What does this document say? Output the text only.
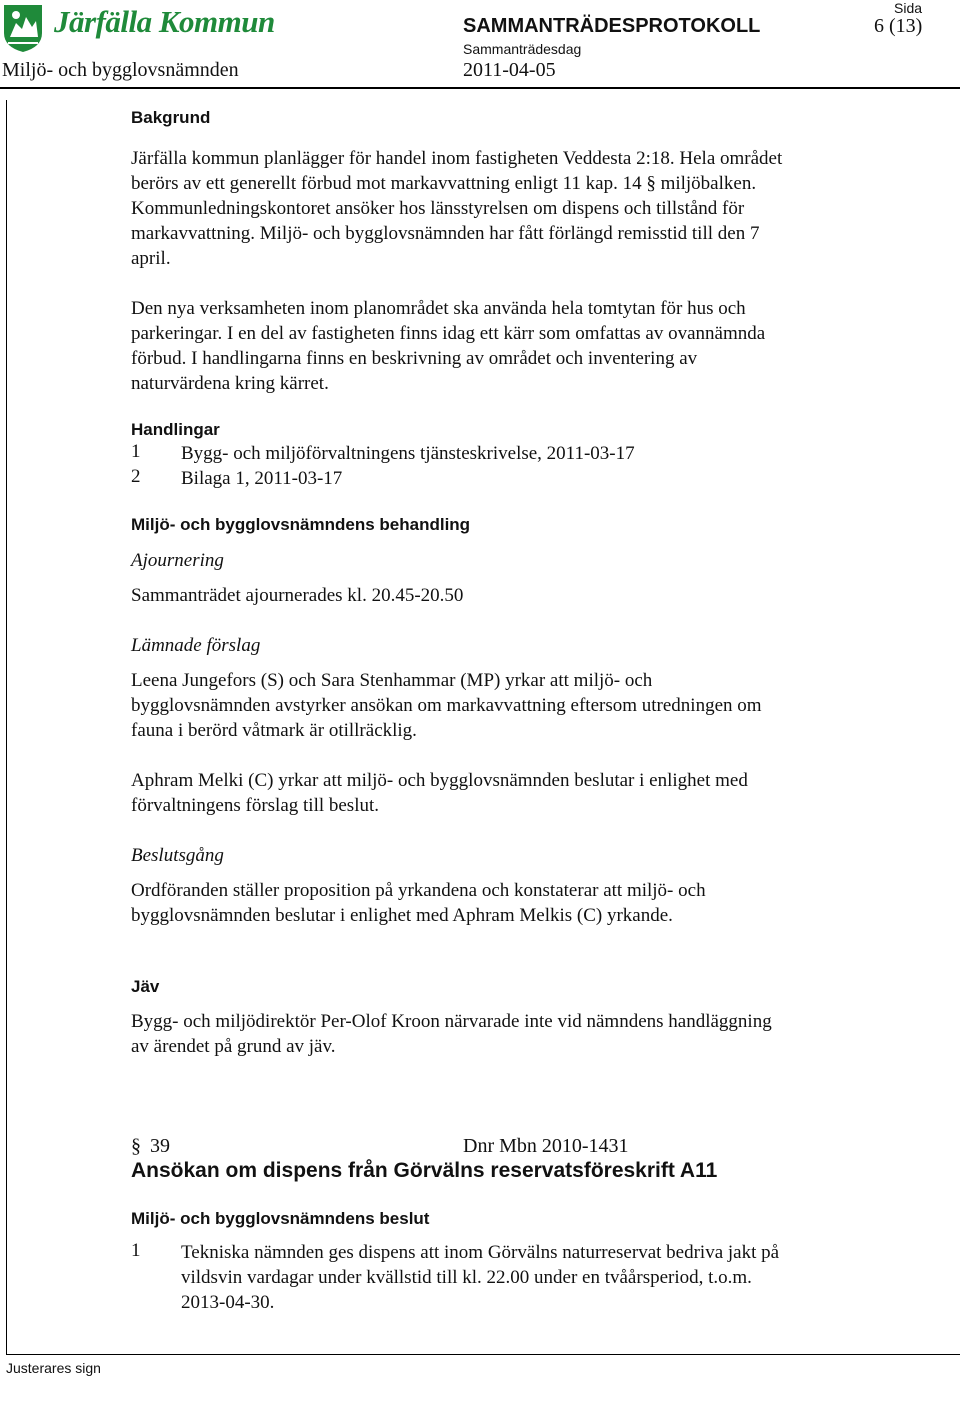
Järfälla Kommun	SAMMANTRÄDESPROTOKOLL
Sida
6 (13)
Sammanträdesdag
Miljö- och bygglovsnämnden	2011-04-05
Bakgrund
Järfälla kommun planlägger för handel inom fastigheten Veddesta 2:18. Hela området
berörs av ett generellt förbud mot markavvattning enligt 11 kap. 14 § miljöbalken.
Kommunledningskontoret ansöker hos länsstyrelsen om dispens och tillstånd för
markavvattning. Miljö- och bygglovsnämnden har fått förlängd remisstid till den 7
april.
Den nya verksamheten inom planområdet ska använda hela tomtytan för hus och
parkeringar. I en del av fastigheten finns idag ett kärr som omfattas av ovannämnda
förbud. I handlingarna finns en beskrivning av området och inventering av
naturvärdena kring kärret.
Handlingar
1 Bygg- och miljöförvaltningens tjänsteskrivelse, 2011-03-17
2 Bilaga 1, 2011-03-17
Miljö- och bygglovsnämndens behandling
Ajournering
Sammanträdet ajournerades kl. 20.45-20.50
Lämnade förslag
Leena Jungefors (S) och Sara Stenhammar (MP) yrkar att miljö- och
bygglovsnämnden avstyrker ansökan om markavvattning eftersom utredningen om
fauna i berörd våtmark är otillräcklig.
Aphram Melki (C) yrkar att miljö- och bygglovsnämnden beslutar i enlighet med
förvaltningens förslag till beslut.
Beslutsgång
Ordföranden ställer proposition på yrkandena och konstaterar att miljö- och
bygglovsnämnden beslutar i enlighet med Aphram Melkis (C) yrkande.
Jäv
Bygg- och miljödirektör Per-Olof Kroon närvarade inte vid nämndens handläggning
av ärendet på grund av jäv.
§ 39	Dnr Mbn 2010-1431
Ansökan om dispens från Görvälns reservatsföreskrift A11
Miljö- och bygglovsnämndens beslut
1 Tekniska nämnden ges dispens att inom Görvälns naturreservat bedriva jakt på
vildsvin vardagar under kvällstid till kl. 22.00 under en tvåårsperiod, t.o.m.
2013-04-30.
Justerares sign
